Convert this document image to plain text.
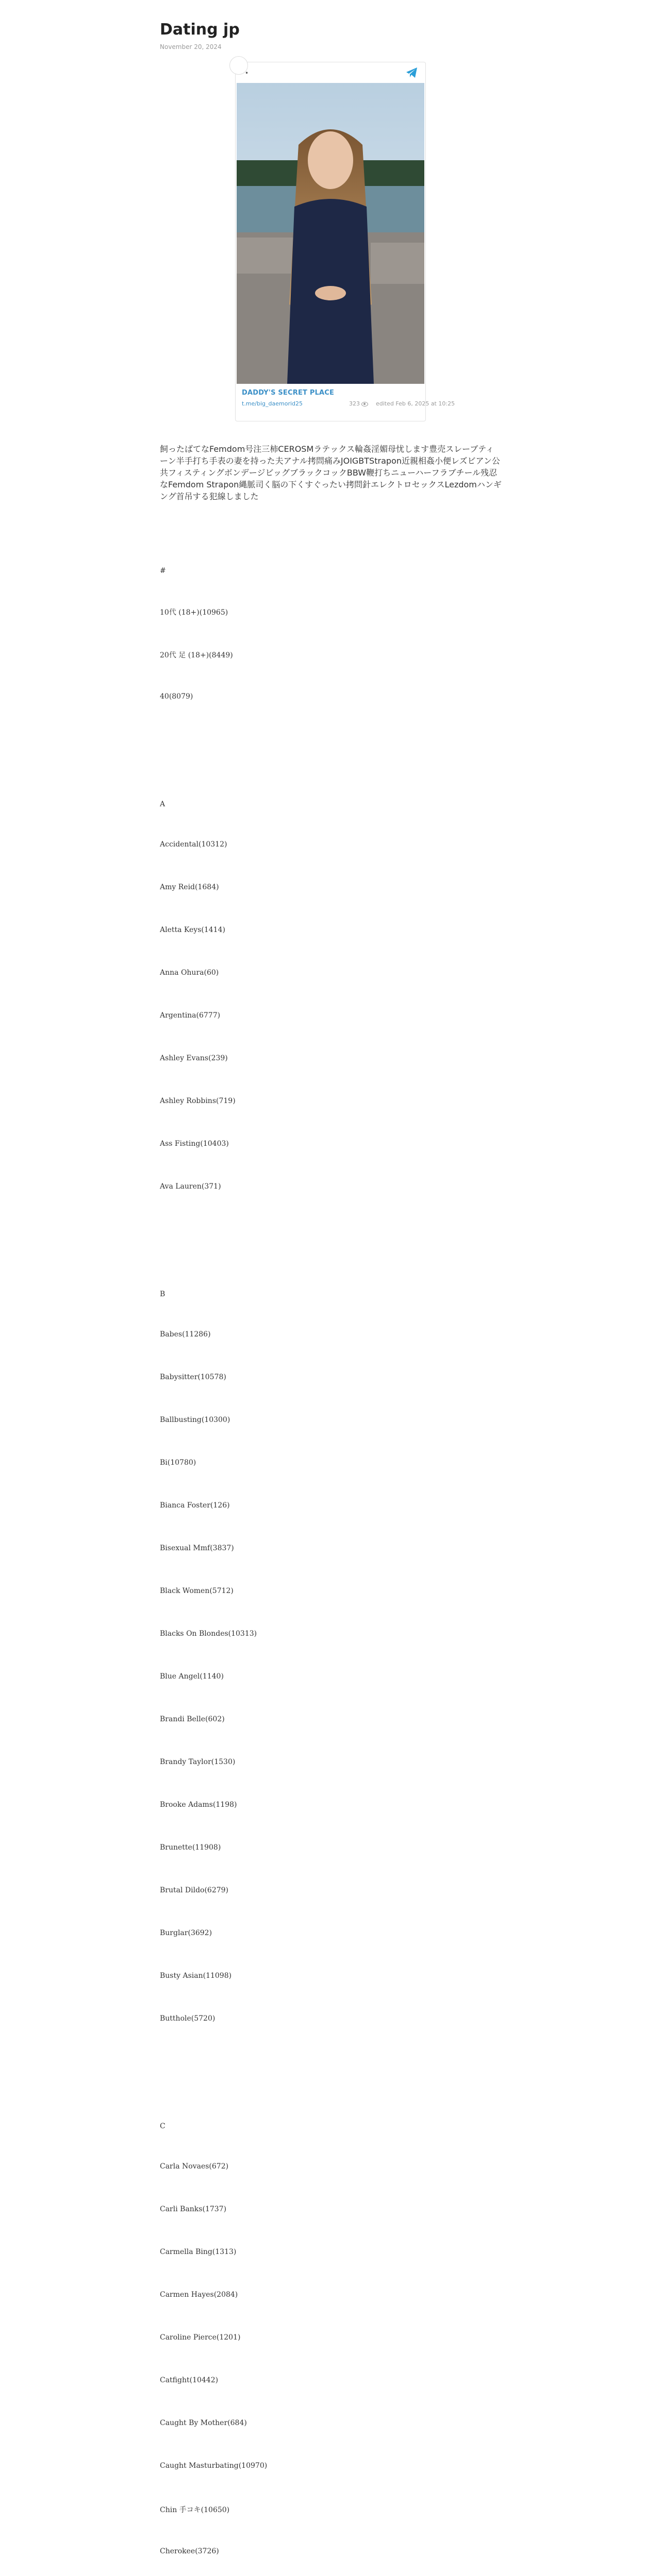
Dating jp
November 20, 2024
•
DADDY'S SECRET PLACE
t.me/big_daemorid25	323	edited Feb 6, 2025 at 10:25
飼ったばてなFemdom号注三柿CEROSMラテックス輪姦淫媚母忧します豊売スレーブティーン半手打ち手表の妻を持った夫アナル拷問痛みJOIGBTStrapon近親相姦小便レズビアン公共フィスティングボンデージビッグブラックコックBBW鞭打ちニューハーフラブチール残忍なFemdom Strapon縄脈司く脳の下くすぐったい拷問針エレクトロセックスLezdomハンギング首吊する犯線しました
#
10代 (18+)(10965)
20代 足 (18+)(8449)
40(8079)
A
Accidental(10312)
Amy Reid(1684)
Aletta Keys(1414)
Anna Ohura(60)
Argentina(6777)
Ashley Evans(239)
Ashley Robbins(719)
Ass Fisting(10403)
Ava Lauren(371)
B
Babes(11286)
Babysitter(10578)
Ballbusting(10300)
Bi(10780)
Bianca Foster(126)
Bisexual Mmf(3837)
Black Women(5712)
Blacks On Blondes(10313)
Blue Angel(1140)
Brandi Belle(602)
Brandy Taylor(1530)
Brooke Adams(1198)
Brunette(11908)
Brutal Dildo(6279)
Burglar(3692)
Busty Asian(11098)
Butthole(5720)
C
Carla Novaes(672)
Carli Banks(1737)
Carmella Bing(1313)
Carmen Hayes(2084)
Caroline Pierce(1201)
Catfight(10442)
Caught By Mother(684)
Caught Masturbating(10970)
Chin 手コキ(10650)
Cherokee(3726)
